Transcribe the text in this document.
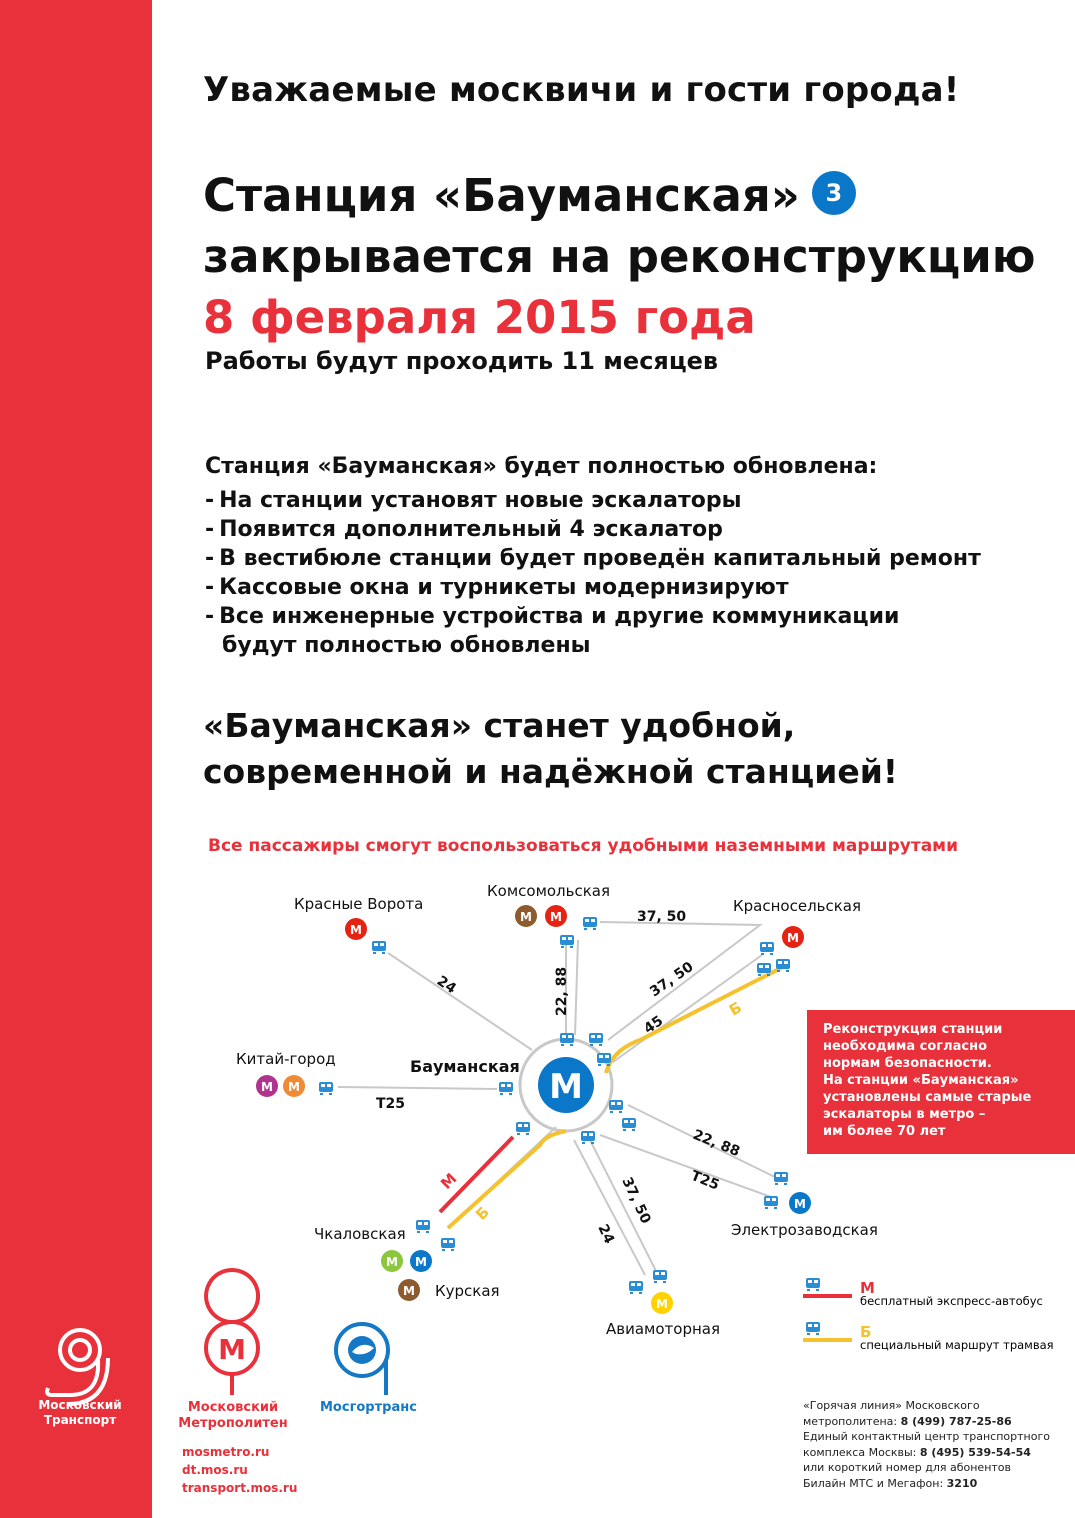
Уважаемые москвичи и гости города!
Станция «Бауманская» 3
закрывается на реконструкцию
8 февраля 2015 года
Работы будут проходить 11 месяцев
Станция «Бауманская» будет полностью обновлена:
- На станции установят новые эскалаторы
- Появится дополнительный 4 эскалатор
- В вестибюле станции будет проведён капитальный ремонт
- Кассовые окна и турникеты модернизируют
- Все инженерные устройства и другие коммуникации
будут полностью обновлены
«Бауманская» станет удобной,
современной и надёжной станцией!
Все пассажиры смогут воспользоваться удобными наземными маршрутами
М
Бауманская
М
М М
М
М М
М
М М
М
М
Красные Ворота
Комсомольская
Красносельская
Китай-город
Чкаловская
Курская
Авиамоторная
Электрозаводская
24
37, 50
22, 88	37, 50
45
T25
22, 88
T25
37, 50
24
М
Б
Б
М
бесплатный экспресс-автобус
Б
специальный маршрут трамвая
М
Реконструкция станции
необходима согласно
нормам безопасности.
На станции «Бауманская»
установлены самые старые
эскалаторы в метро –
им более 70 лет
Московский
Транспорт
Московский
Метрополитен
Мосгортранс
mosmetro.ru
dt.mos.ru
transport.mos.ru
«Горячая линия» Московского
метрополитена: 8 (499) 787-25-86
Единый контактный центр транспортного
комплекса Москвы: 8 (495) 539-54-54
или короткий номер для абонентов
Билайн МТС и Мегафон: 3210
